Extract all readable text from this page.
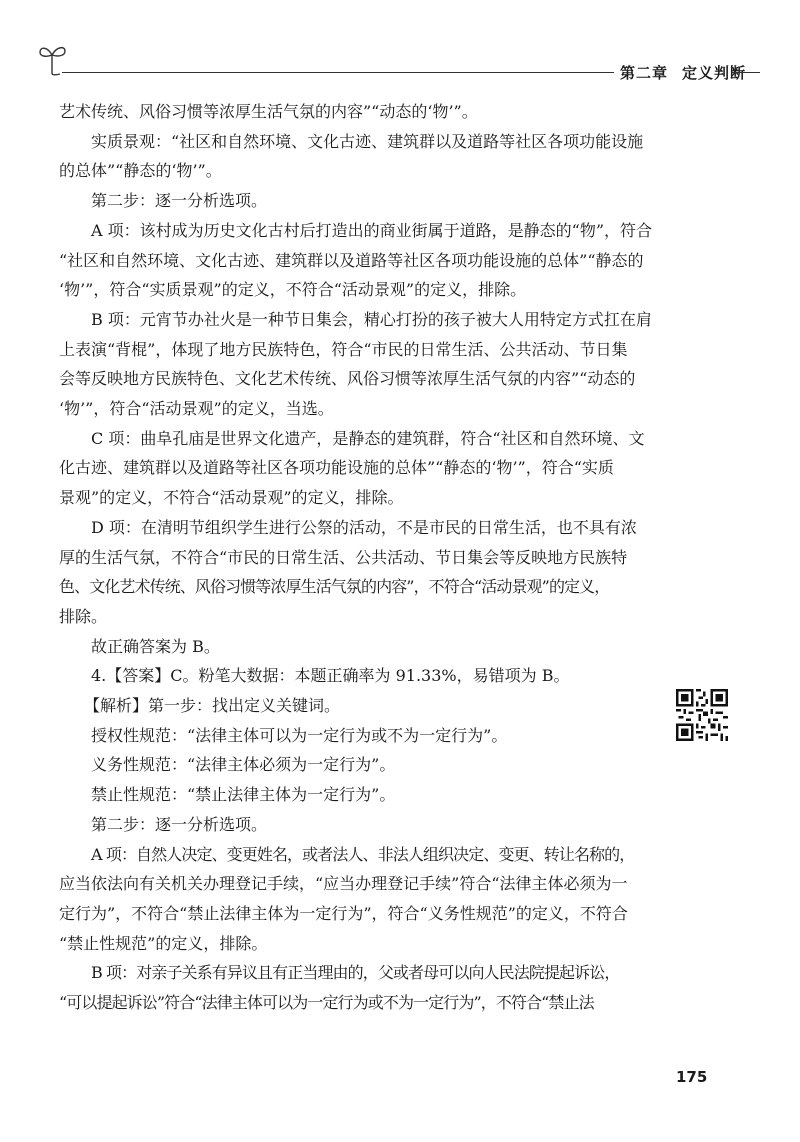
第二章 定义判断

艺术传统、风俗习惯等浓厚生活气氛的内容”“动态的‘物’”。

实质景观：“社区和自然环境、文化古迹、建筑群以及道路等社区各项功能设施

的总体”“静态的‘物’”。

第二步：逐一分析选项。

A 项：该村成为历史文化古村后打造出的商业街属于道路，是静态的“物”，符合

“社区和自然环境、文化古迹、建筑群以及道路等社区各项功能设施的总体”“静态的

‘物’”，符合“实质景观”的定义，不符合“活动景观”的定义，排除。

B 项：元宵节办社火是一种节日集会，精心打扮的孩子被大人用特定方式扛在肩

上表演“背棍”，体现了地方民族特色，符合“市民的日常生活、公共活动、节日集

会等反映地方民族特色、文化艺术传统、风俗习惯等浓厚生活气氛的内容”“动态的

‘物’”，符合“活动景观”的定义，当选。

C 项：曲阜孔庙是世界文化遗产，是静态的建筑群，符合“社区和自然环境、文

化古迹、建筑群以及道路等社区各项功能设施的总体”“静态的‘物’”，符合“实质

景观”的定义，不符合“活动景观”的定义，排除。

D 项：在清明节组织学生进行公祭的活动，不是市民的日常生活，也不具有浓

厚的生活气氛，不符合“市民的日常生活、公共活动、节日集会等反映地方民族特

色、文化艺术传统、风俗习惯等浓厚生活气氛的内容”，不符合“活动景观”的定义，

排除。

故正确答案为 B。

4.【答案】C。粉笔大数据：本题正确率为 91.33%，易错项为 B。

【解析】第一步：找出定义关键词。

授权性规范：“法律主体可以为一定行为或不为一定行为”。

义务性规范：“法律主体必须为一定行为”。

禁止性规范：“禁止法律主体为一定行为”。

第二步：逐一分析选项。

A 项：自然人决定、变更姓名，或者法人、非法人组织决定、变更、转让名称的，

应当依法向有关机关办理登记手续，“应当办理登记手续”符合“法律主体必须为一

定行为”，不符合“禁止法律主体为一定行为”，符合“义务性规范”的定义，不符合

“禁止性规范”的定义，排除。

B 项：对亲子关系有异议且有正当理由的，父或者母可以向人民法院提起诉讼，

“可以提起诉讼”符合“法律主体可以为一定行为或不为一定行为”，不符合“禁止法

175
